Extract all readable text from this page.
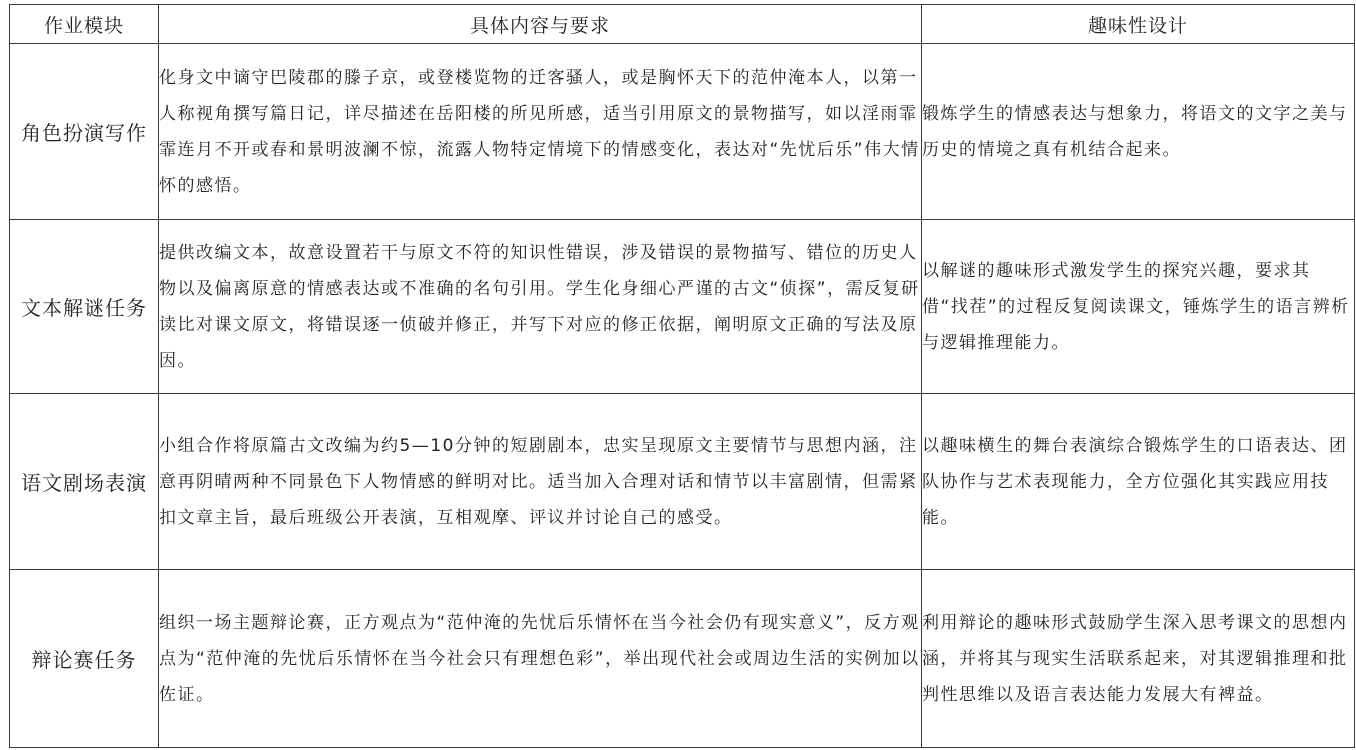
作业模块	具体内容与要求	趣味性设计
角色扮演写作	化身文中谪守巴陵郡的滕子京，或登楼览物的迁客骚人，或是胸怀天下的范仲淹本人，以第一人称视角撰写篇日记，详尽描述在岳阳楼的所见所感，适当引用原文的景物描写，如以淫雨霏霏连月不开或春和景明波澜不惊，流露人物特定情境下的情感变化，表达对“先忧后乐”伟大情怀的感悟。	锻炼学生的情感表达与想象力，将语文的文字之美与历史的情境之真有机结合起来。
文本解谜任务	提供改编文本，故意设置若干与原文不符的知识性错误，涉及错误的景物描写、错位的历史人物以及偏离原意的情感表达或不准确的名句引用。学生化身细心严谨的古文“侦探”，需反复研读比对课文原文，将错误逐一侦破并修正，并写下对应的修正依据，阐明原文正确的写法及原因。	以解谜的趣味形式激发学生的探究兴趣，要求其借“找茬”的过程反复阅读课文，锤炼学生的语言辨析与逻辑推理能力。
语文剧场表演	小组合作将原篇古文改编为约5—10分钟的短剧剧本，忠实呈现原文主要情节与思想内涵，注意再阴晴两种不同景色下人物情感的鲜明对比。适当加入合理对话和情节以丰富剧情，但需紧扣文章主旨，最后班级公开表演，互相观摩、评议并讨论自己的感受。	以趣味横生的舞台表演综合锻炼学生的口语表达、团队协作与艺术表现能力，全方位强化其实践应用技能。
辩论赛任务	组织一场主题辩论赛，正方观点为“范仲淹的先忧后乐情怀在当今社会仍有现实意义”，反方观点为“范仲淹的先忧后乐情怀在当今社会只有理想色彩”，举出现代社会或周边生活的实例加以佐证。	利用辩论的趣味形式鼓励学生深入思考课文的思想内涵，并将其与现实生活联系起来，对其逻辑推理和批判性思维以及语言表达能力发展大有裨益。
